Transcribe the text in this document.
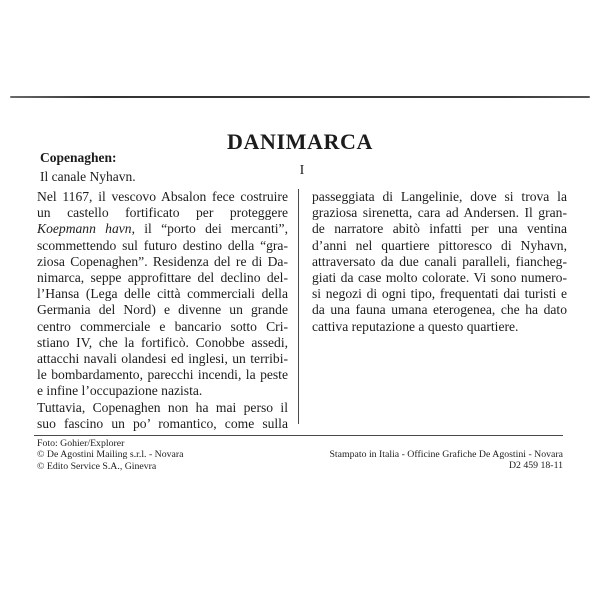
DANIMARCA
Copenaghen:
Il canale Nyhavn.	I
Nel 1167, il vescovo Absalon fece costruire
un castello fortificato per proteggere
Koepmann havn, il “porto dei mercanti”,
scommettendo sul futuro destino della “gra-
ziosa Copenaghen”. Residenza del re di Da-
nimarca, seppe approfittare del declino del-
l’Hansa (Lega delle città commerciali della
Germania del Nord) e divenne un grande
centro commerciale e bancario sotto Cri-
stiano IV, che la fortificò. Conobbe assedi,
attacchi navali olandesi ed inglesi, un terribi-
le bombardamento, parecchi incendi, la peste
e infine l’occupazione nazista.
Tuttavia, Copenaghen non ha mai perso il
suo fascino un po’ romantico, come sulla
passeggiata di Langelinie, dove si trova la
graziosa sirenetta, cara ad Andersen. Il gran-
de narratore abitò infatti per una ventina
d’anni nel quartiere pittoresco di Nyhavn,
attraversato da due canali paralleli, fiancheg-
giati da case molto colorate. Vi sono numero-
si negozi di ogni tipo, frequentati dai turisti e
da una fauna umana eterogenea, che ha dato
cattiva reputazione a questo quartiere.
Foto: Gohier/Explorer
© De Agostini Mailing s.r.l. - Novara
© Edito Service S.A., Ginevra
Stampato in Italia - Officine Grafiche De Agostini - Novara
D2 459 18-11
